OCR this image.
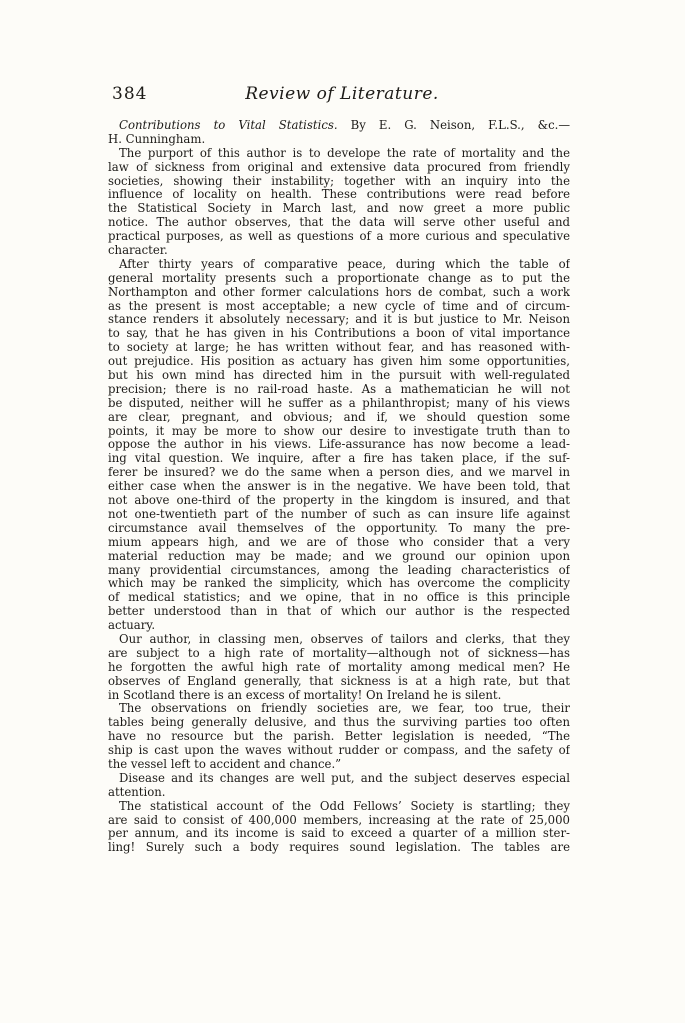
384	Review of Literature.
Contributions to Vital Statistics. By E. G. Neison, F.L.S., &c.—
H. Cunningham.
The purport of this author is to develope the rate of mortality and the
law of sickness from original and extensive data procured from friendly
societies, showing their instability; together with an inquiry into the
influence of locality on health. These contributions were read before
the Statistical Society in March last, and now greet a more public
notice. The author observes, that the data will serve other useful and
practical purposes, as well as questions of a more curious and speculative
character.
After thirty years of comparative peace, during which the table of
general mortality presents such a proportionate change as to put the
Northampton and other former calculations hors de combat, such a work
as the present is most acceptable; a new cycle of time and of circum-
stance renders it absolutely necessary; and it is but justice to Mr. Neison
to say, that he has given in his Contributions a boon of vital importance
to society at large; he has written without fear, and has reasoned with-
out prejudice. His position as actuary has given him some opportunities,
but his own mind has directed him in the pursuit with well-regulated
precision; there is no rail-road haste. As a mathematician he will not
be disputed, neither will he suffer as a philanthropist; many of his views
are clear, pregnant, and obvious; and if, we should question some
points, it may be more to show our desire to investigate truth than to
oppose the author in his views. Life-assurance has now become a lead-
ing vital question. We inquire, after a fire has taken place, if the suf-
ferer be insured? we do the same when a person dies, and we marvel in
either case when the answer is in the negative. We have been told, that
not above one-third of the property in the kingdom is insured, and that
not one-twentieth part of the number of such as can insure life against
circumstance avail themselves of the opportunity. To many the pre-
mium appears high, and we are of those who consider that a very
material reduction may be made; and we ground our opinion upon
many providential circumstances, among the leading characteristics of
which may be ranked the simplicity, which has overcome the complicity
of medical statistics; and we opine, that in no office is this principle
better understood than in that of which our author is the respected
actuary.
Our author, in classing men, observes of tailors and clerks, that they
are subject to a high rate of mortality—although not of sickness—has
he forgotten the awful high rate of mortality among medical men? He
observes of England generally, that sickness is at a high rate, but that
in Scotland there is an excess of mortality! On Ireland he is silent.
The observations on friendly societies are, we fear, too true, their
tables being generally delusive, and thus the surviving parties too often
have no resource but the parish. Better legislation is needed, “The
ship is cast upon the waves without rudder or compass, and the safety of
the vessel left to accident and chance.”
Disease and its changes are well put, and the subject deserves especial
attention.
The statistical account of the Odd Fellows’ Society is startling; they
are said to consist of 400,000 members, increasing at the rate of 25,000
per annum, and its income is said to exceed a quarter of a million ster-
ling! Surely such a body requires sound legislation. The tables are
